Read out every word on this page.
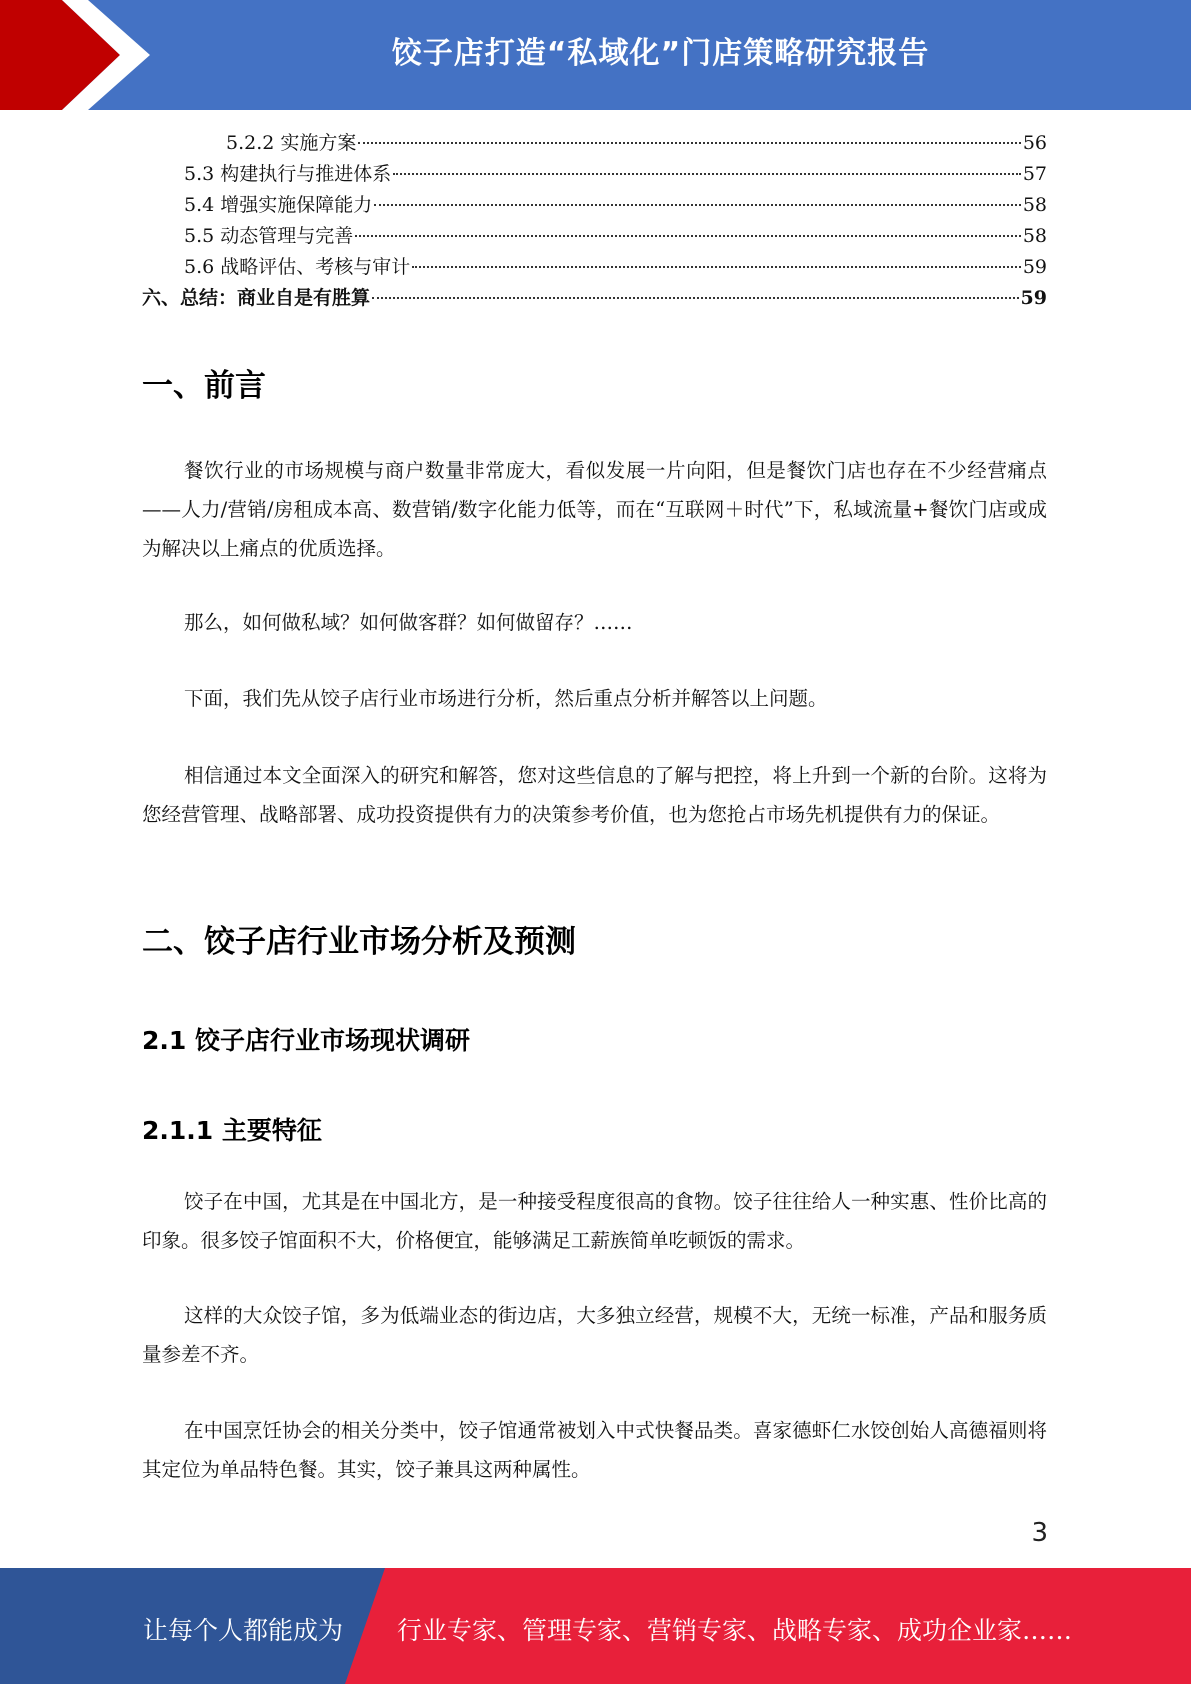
饺子店打造“私域化”门店策略研究报告
5.2.2 实施方案	56
5.3 构建执行与推进体系	57
5.4 增强实施保障能力	58
5.5 动态管理与完善	58
5.6 战略评估、考核与审计	59
六、总结：商业自是有胜算	59
一、前言
餐饮行业的市场规模与商户数量非常庞大，看似发展一片向阳，但是餐饮门店也存在不少经营痛点——人力/营销/房租成本高、数营销/数字化能力低等，而在“互联网＋时代”下，私域流量+餐饮门店或成为解决以上痛点的优质选择。
那么，如何做私域？如何做客群？如何做留存？……
下面，我们先从饺子店行业市场进行分析，然后重点分析并解答以上问题。
相信通过本文全面深入的研究和解答，您对这些信息的了解与把控，将上升到一个新的台阶。这将为您经营管理、战略部署、成功投资提供有力的决策参考价值，也为您抢占市场先机提供有力的保证。
二、饺子店行业市场分析及预测
2.1 饺子店行业市场现状调研
2.1.1 主要特征
饺子在中国，尤其是在中国北方，是一种接受程度很高的食物。饺子往往给人一种实惠、性价比高的印象。很多饺子馆面积不大，价格便宜，能够满足工薪族简单吃顿饭的需求。
这样的大众饺子馆，多为低端业态的街边店，大多独立经营，规模不大，无统一标准，产品和服务质量参差不齐。
在中国烹饪协会的相关分类中，饺子馆通常被划入中式快餐品类。喜家德虾仁水饺创始人高德福则将其定位为单品特色餐。其实，饺子兼具这两种属性。
3
让每个人都能成为 行业专家、管理专家、营销专家、战略专家、成功企业家……
